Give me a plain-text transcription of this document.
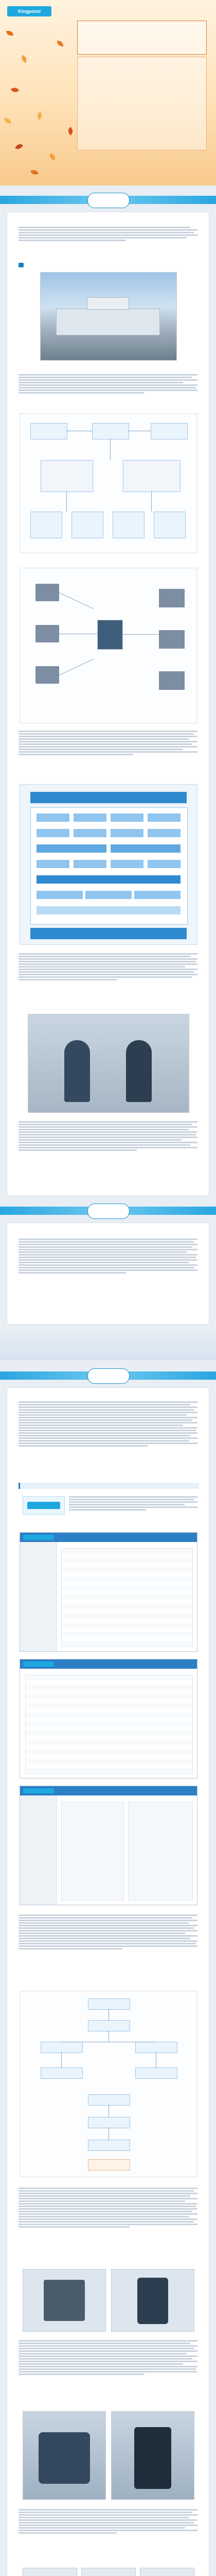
Kingpenol
